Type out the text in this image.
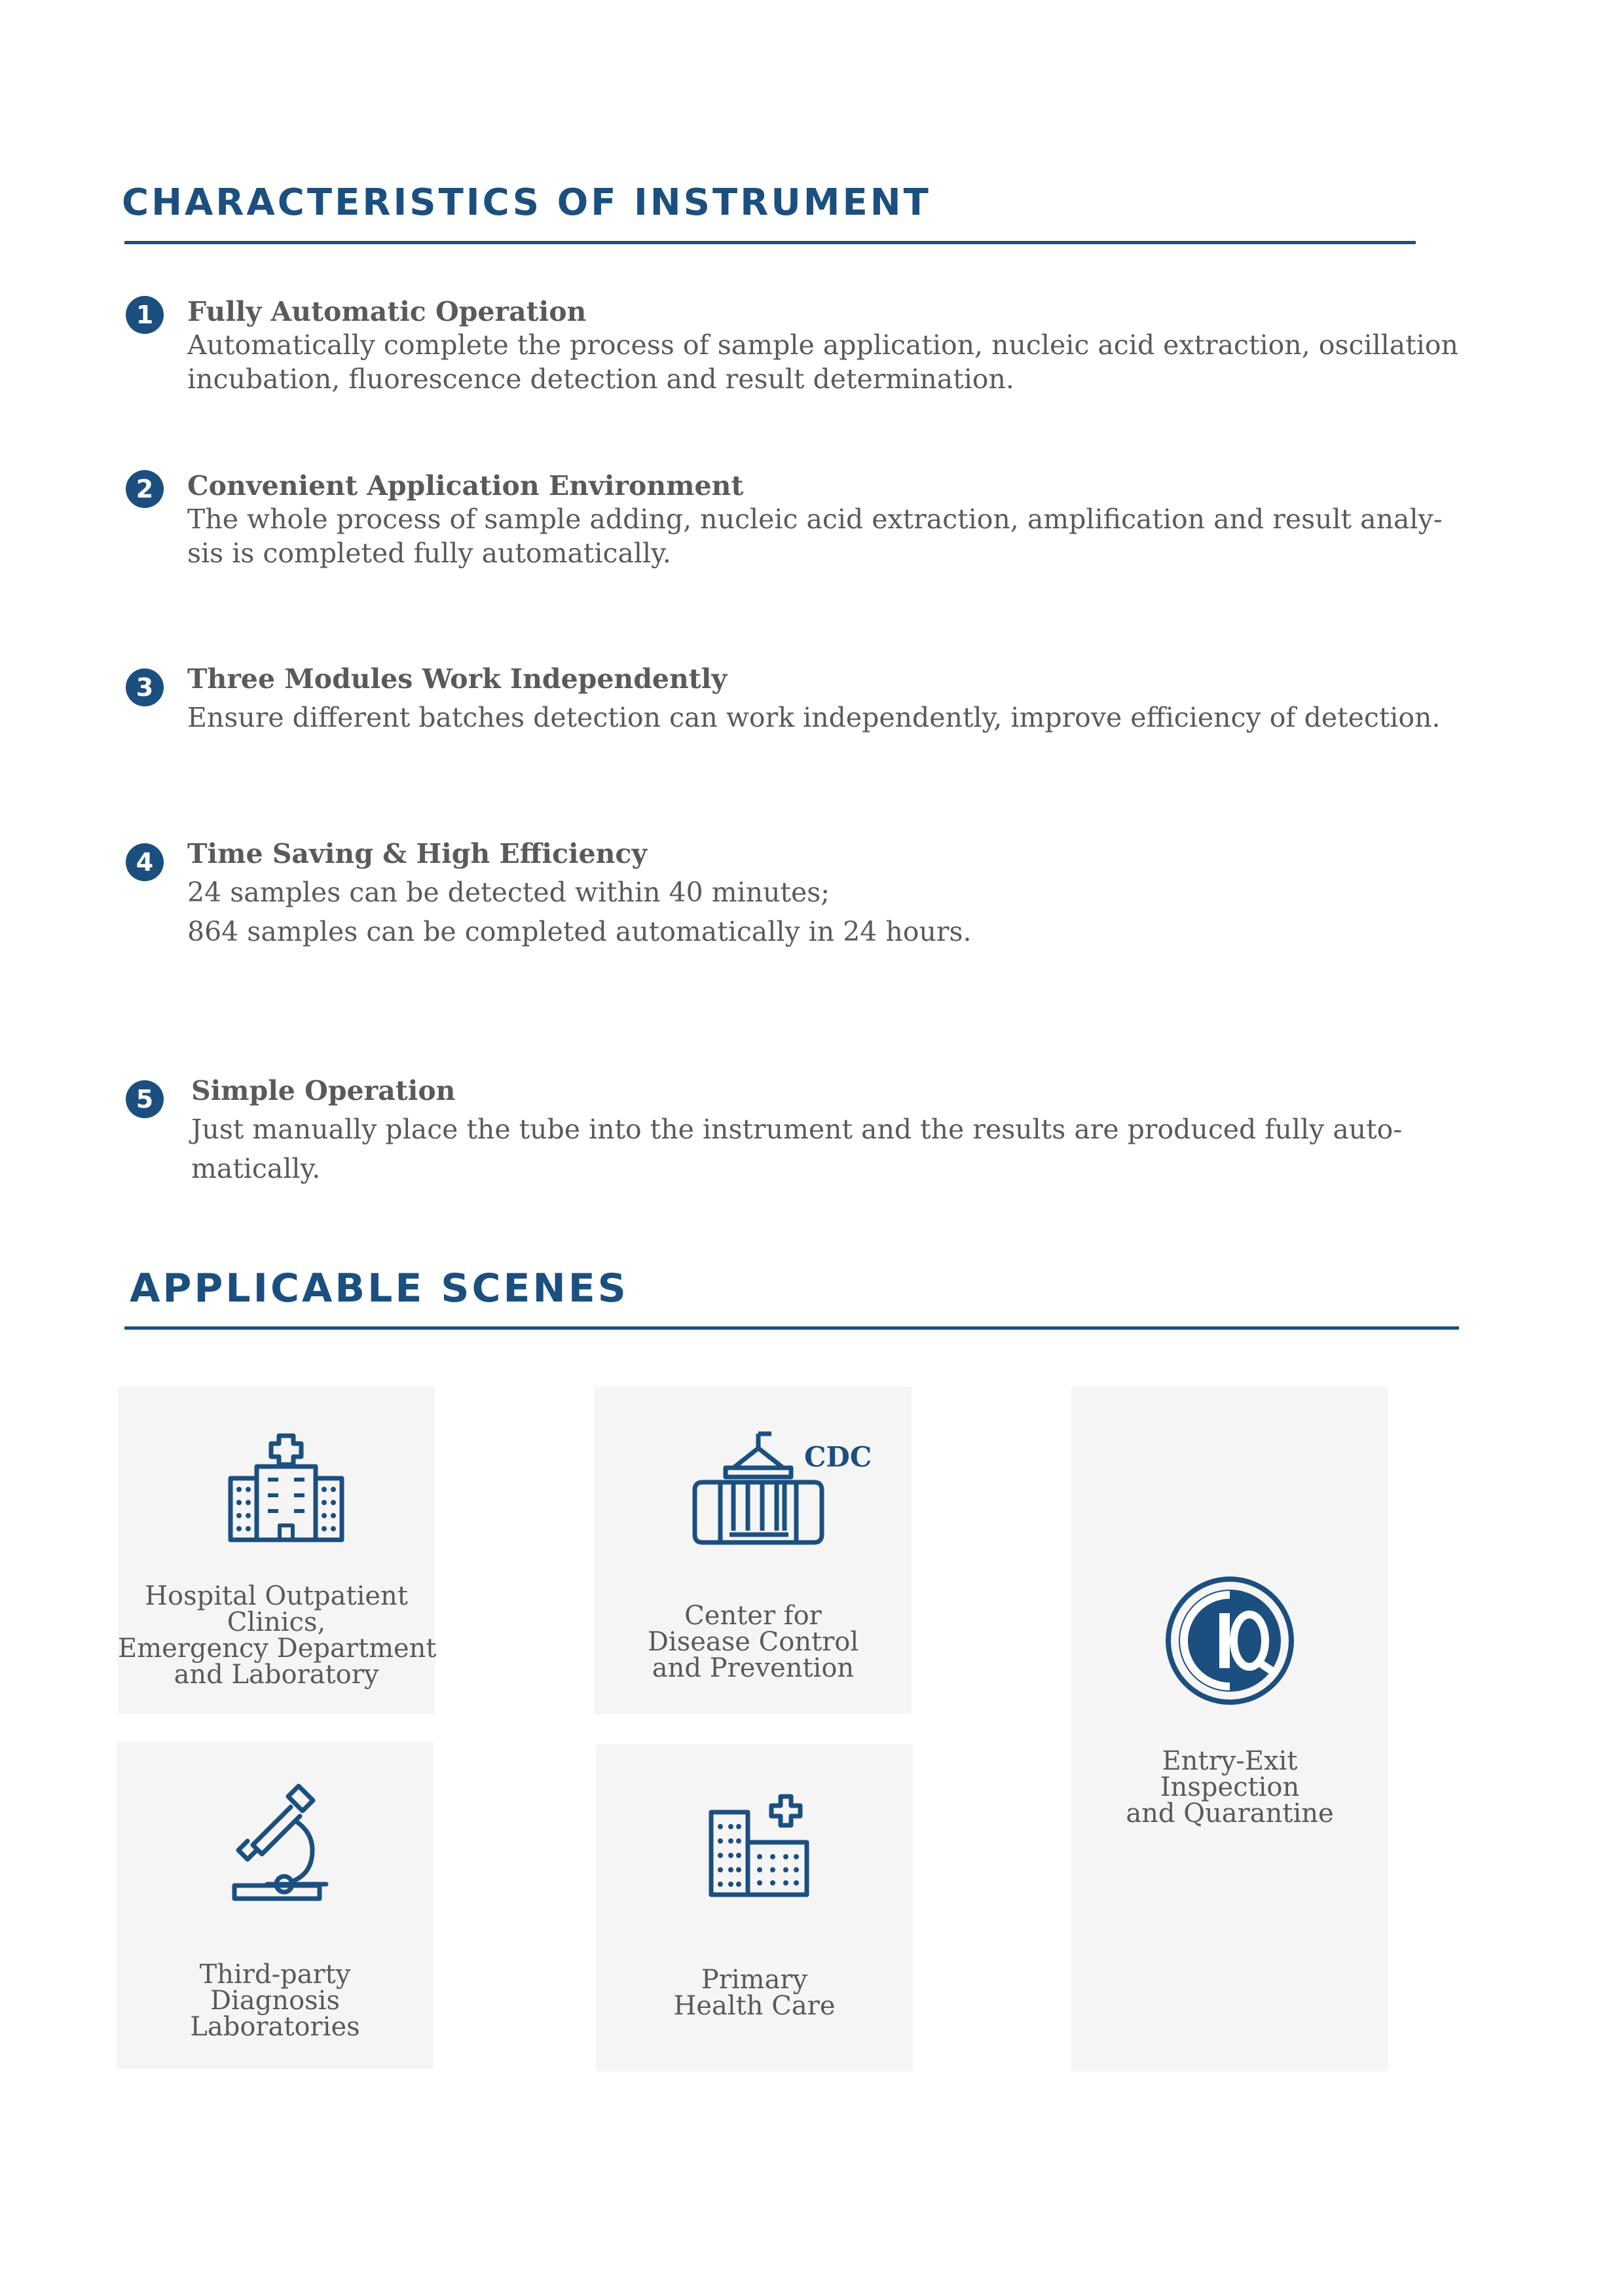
CHARACTERISTICS OF INSTRUMENT
1	Fully Automatic Operation
Automatically complete the process of sample application, nucleic acid extraction, oscillation
incubation, fluorescence detection and result determination.
2	Convenient Application Environment
The whole process of sample adding, nucleic acid extraction, amplification and result analy-
sis is completed fully automatically.
3	Three Modules Work Independently
Ensure different batches detection can work independently, improve efficiency of detection.
4	Time Saving & High Efficiency
24 samples can be detected within 40 minutes;
864 samples can be completed automatically in 24 hours.
5	Simple Operation
Just manually place the tube into the instrument and the results are produced fully auto-
matically.
APPLICABLE SCENES
Hospital Outpatient
Clinics,
Emergency Department
and Laboratory
CDC
Center for
Disease Control
and Prevention
Entry-Exit
Inspection
and Quarantine
Third-party
Diagnosis
Laboratories
Primary
Health Care
